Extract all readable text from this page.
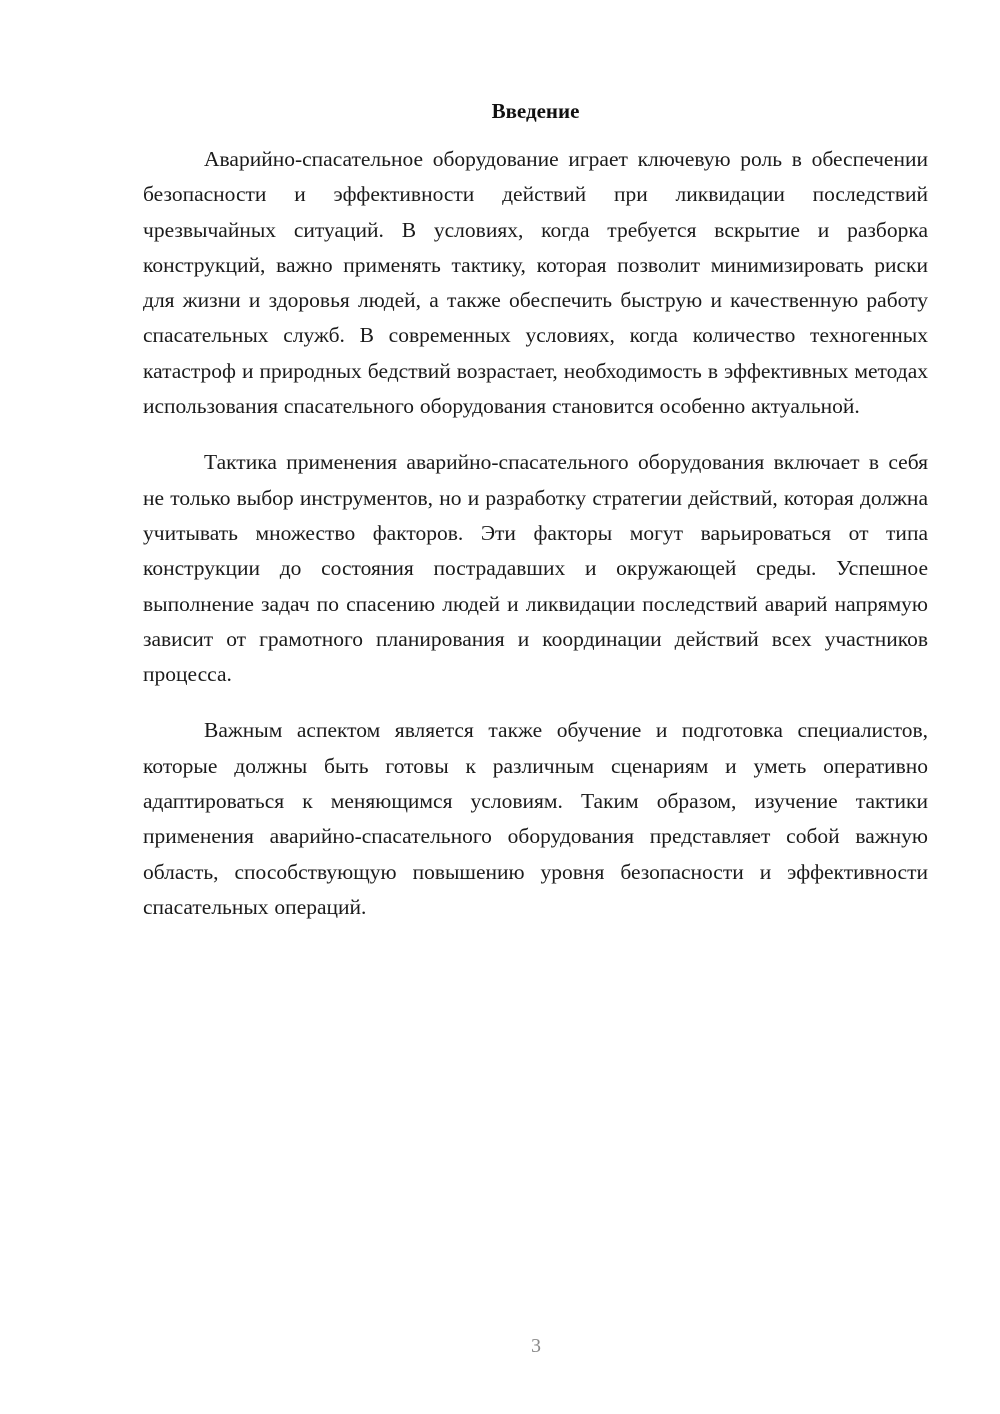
Введение

Аварийно-спасательное оборудование играет ключевую роль в обеспечении безопасности и эффективности действий при ликвидации последствий чрезвычайных ситуаций. В условиях, когда требуется вскрытие и разборка конструкций, важно применять тактику, которая позволит минимизировать риски для жизни и здоровья людей, а также обеспечить быструю и качественную работу спасательных служб. В современных условиях, когда количество техногенных катастроф и природных бедствий возрастает, необходимость в эффективных методах использования спасательного оборудования становится особенно актуальной.

Тактика применения аварийно-спасательного оборудования включает в себя не только выбор инструментов, но и разработку стратегии действий, которая должна учитывать множество факторов. Эти факторы могут варьироваться от типа конструкции до состояния пострадавших и окружающей среды. Успешное выполнение задач по спасению людей и ликвидации последствий аварий напрямую зависит от грамотного планирования и координации действий всех участников процесса.

Важным аспектом является также обучение и подготовка специалистов, которые должны быть готовы к различным сценариям и уметь оперативно адаптироваться к меняющимся условиям. Таким образом, изучение тактики применения аварийно-спасательного оборудования представляет собой важную область, способствующую повышению уровня безопасности и эффективности спасательных операций.

3
